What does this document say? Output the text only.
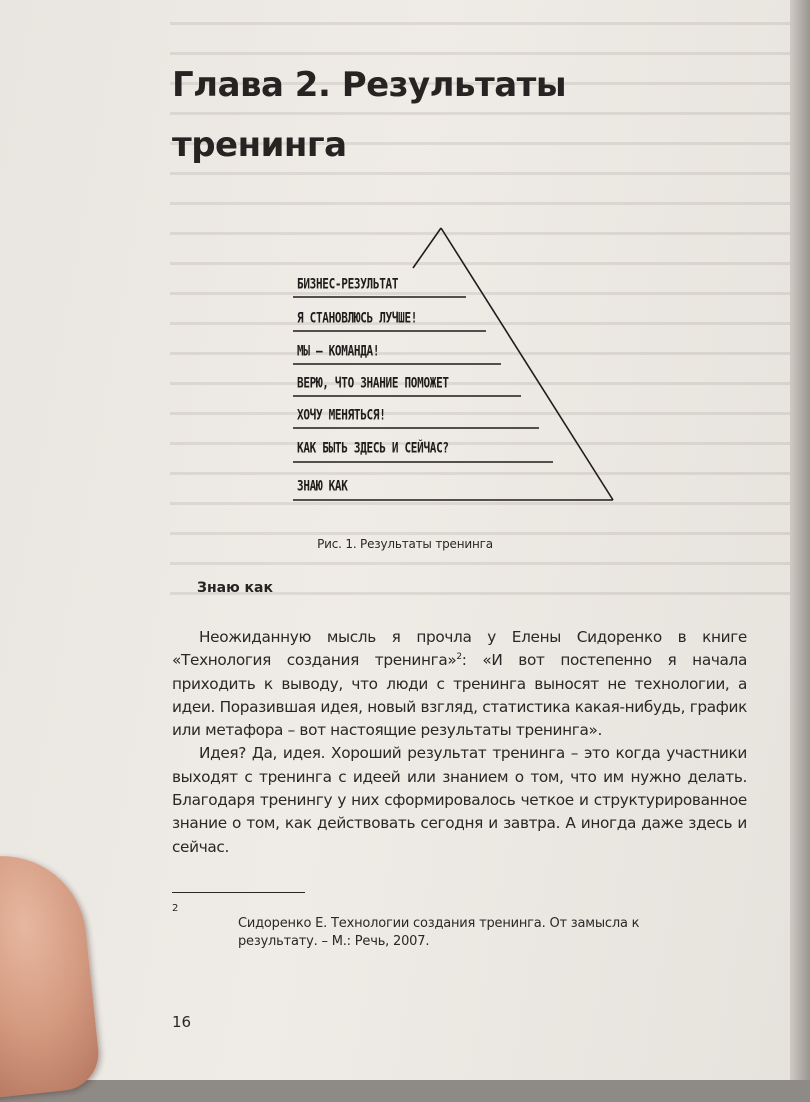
Глава 2. Результаты тренинга
БИЗНЕС-РЕЗУЛЬТАТ
Я СТАНОВЛЮСЬ ЛУЧШЕ!
МЫ — КОМАНДА!
ВЕРЮ, ЧТО ЗНАНИЕ ПОМОЖЕТ
ХОЧУ МЕНЯТЬСЯ!
КАК БЫТЬ ЗДЕСЬ И СЕЙЧАС?
ЗНАЮ КАК
Рис. 1. Результаты тренинга
Знаю как

Неожиданную мысль я прочла у Елены Сидоренко в книге «Технология создания тренинга»$^2$: «И вот постепенно я начала приходить к выводу, что люди с тренинга выносят не технологии, а идеи. Поразившая идея, новый взгляд, статистика какая-нибудь, график или метафора – вот настоящие результаты тренинга».

Идея? Да, идея. Хороший результат тренинга – это когда участники выходят с тренинга с идеей или знанием о том, что им нужно делать. Благодаря тренингу у них сформировалось четкое и структурированное знание о том, как действовать сегодня и завтра. А иногда даже здесь и сейчас.

2
Сидоренко Е. Технологии создания тренинга. От замысла к результату. – М.: Речь, 2007.
16
